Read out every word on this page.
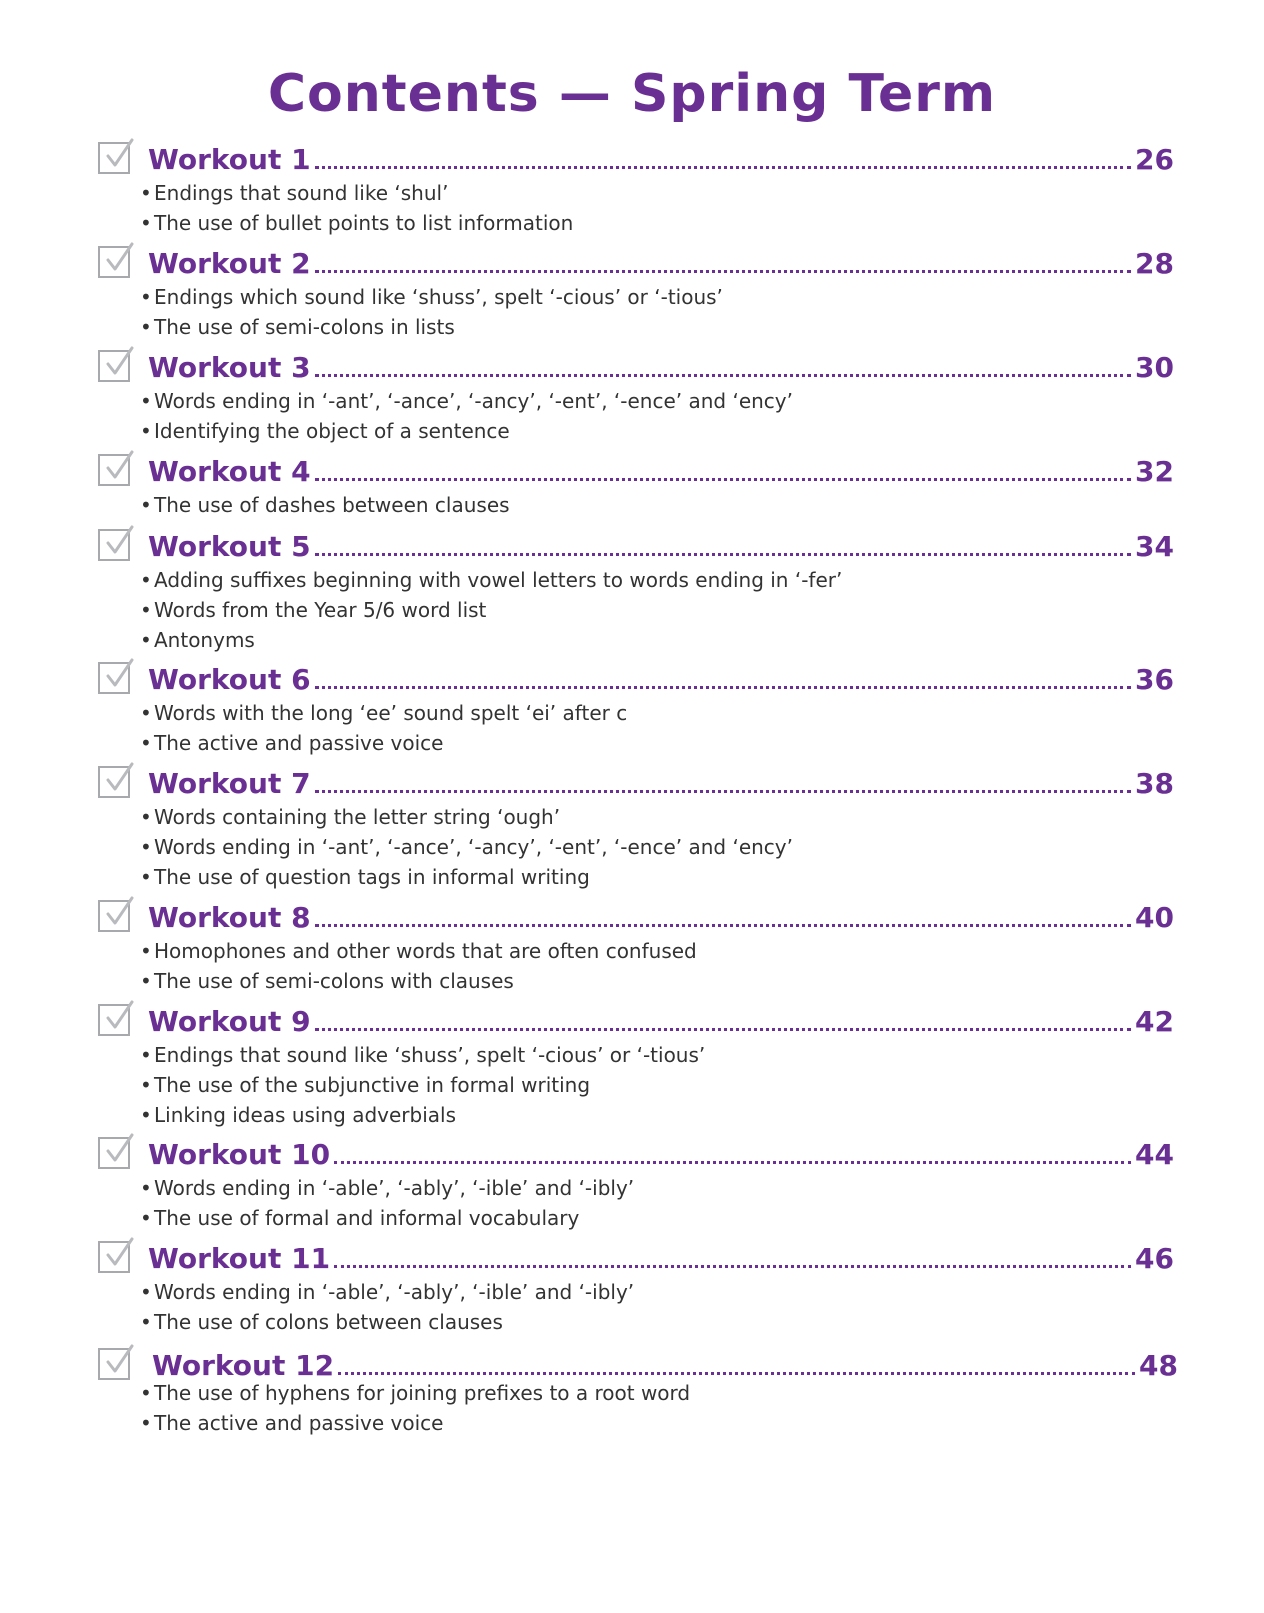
Contents — Spring Term
Workout 1	26
• Endings that sound like ‘shul’
• The use of bullet points to list information
Workout 2	28
• Endings which sound like ‘shuss’, spelt ‘-cious’ or ‘-tious’
• The use of semi-colons in lists
Workout 3	30
• Words ending in ‘-ant’, ‘-ance’, ‘-ancy’, ‘-ent’, ‘-ence’ and ‘ency’
• Identifying the object of a sentence
Workout 4	32
• The use of dashes between clauses
Workout 5	34
• Adding suffixes beginning with vowel letters to words ending in ‘-fer’
• Words from the Year 5/6 word list
• Antonyms
Workout 6	36
• Words with the long ‘ee’ sound spelt ‘ei’ after c
• The active and passive voice
Workout 7	38
• Words containing the letter string ‘ough’
• Words ending in ‘-ant’, ‘-ance’, ‘-ancy’, ‘-ent’, ‘-ence’ and ‘ency’
• The use of question tags in informal writing
Workout 8	40
• Homophones and other words that are often confused
• The use of semi-colons with clauses
Workout 9	42
• Endings that sound like ‘shuss’, spelt ‘-cious’ or ‘-tious’
• The use of the subjunctive in formal writing
• Linking ideas using adverbials
Workout 10	44
• Words ending in ‘-able’, ‘-ably’, ‘-ible’ and ‘-ibly’
• The use of formal and informal vocabulary
Workout 11	46
• Words ending in ‘-able’, ‘-ably’, ‘-ible’ and ‘-ibly’
• The use of colons between clauses
Workout 12	48
• The use of hyphens for joining prefixes to a root word
• The active and passive voice
